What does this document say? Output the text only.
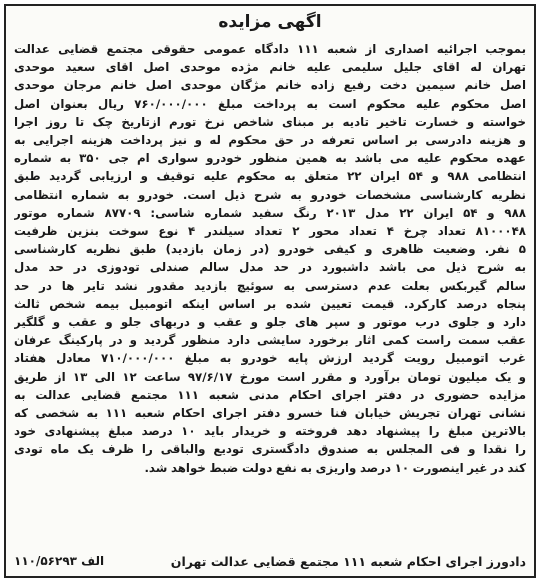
اگهی مزایده
بموجب اجرائیه اصداری از شعبه ۱۱۱ دادگاه عمومی حقوقی مجتمع قضایی عدالت
تهران له اقای جلیل سلیمی علیه خانم مژده موحدی اصل اقای سعید موحدی
اصل خانم سیمین دخت رفیع زاده خانم مژگان موحدی اصل خانم مرجان موحدی
اصل محکوم علیه محکوم است به پرداخت مبلغ ۷۶۰/۰۰۰/۰۰۰ ریال بعنوان اصل
خواسته و خسارت تاخیر تادیه بر مبنای شاخص نرخ تورم ازتاریخ چک تا روز اجرا
و هزینه دادرسی بر اساس تعرفه در حق محکوم له و نیز پرداخت هزینه اجرایی به
عهده محکوم علیه می باشد به همین منظور خودرو سواری ام جی ۳۵۰ به شماره
انتظامی ۹۸۸ و ۵۴ ایران ۲۲ متعلق به محکوم علیه توقیف و ارزیابی گردید طبق
نظریه کارشناسی مشخصات خودرو به شرح ذیل است. خودرو به شماره انتظامی
۹۸۸ و ۵۴ ایران ۲۲ مدل ۲۰۱۳ رنگ سفید شماره شاسی: ۸۷۷۰۹ شماره موتور
۸۱۰۰۰۴۸ تعداد چرخ ۴ تعداد محور ۲ تعداد سیلندر ۴ نوع سوخت بنزین ظرفیت
۵ نفر. وضعیت ظاهری و کیفی خودرو (در زمان بازدید) طبق نظریه کارشناسی
به شرح ذیل می باشد داشبورد در حد مدل سالم صندلی تودوزی در حد مدل
سالم گیربکس بعلت عدم دسترسی به سوئیچ بازدید مقدور نشد تایر ها در حد
پنجاه درصد کارکرد. قیمت تعیین شده بر اساس اینکه اتومبیل بیمه شخص ثالث
دارد و جلوی درب موتور و سپر های جلو و عقب و دربهای جلو و عقب و گلگیر
عقب سمت راست کمی اثار برخورد سایشی دارد منظور گردید و در پارکینگ عرفان
غرب اتومبیل رویت گردید ارزش پایه خودرو به مبلغ ۷۱۰/۰۰۰/۰۰۰ معادل هفتاد
و یک میلیون تومان برآورد و مقرر است مورخ ۹۷/۶/۱۷ ساعت ۱۲ الی ۱۳ از طریق
مزایده حضوری در دفتر اجرای احکام مدنی شعبه ۱۱۱ مجتمع قضایی عدالت به
نشانی تهران تجریش خیابان فنا خسرو دفتر اجرای احکام شعبه ۱۱۱ به شخصی که
بالاترین مبلغ را پیشنهاد دهد فروخته و خریدار باید ۱۰ درصد مبلغ پیشنهادی خود
را نقدا و فی المجلس به صندوق دادگستری تودیع والباقی را ظرف یک ماه تودی
کند در غیر اینصورت ۱۰ درصد واریزی به نفع دولت ضبط خواهد شد.
دادورز اجرای احکام شعبه ۱۱۱ مجتمع قضایی عدالت تهران
۱۱۰/۵۶۲۹۳ الف
